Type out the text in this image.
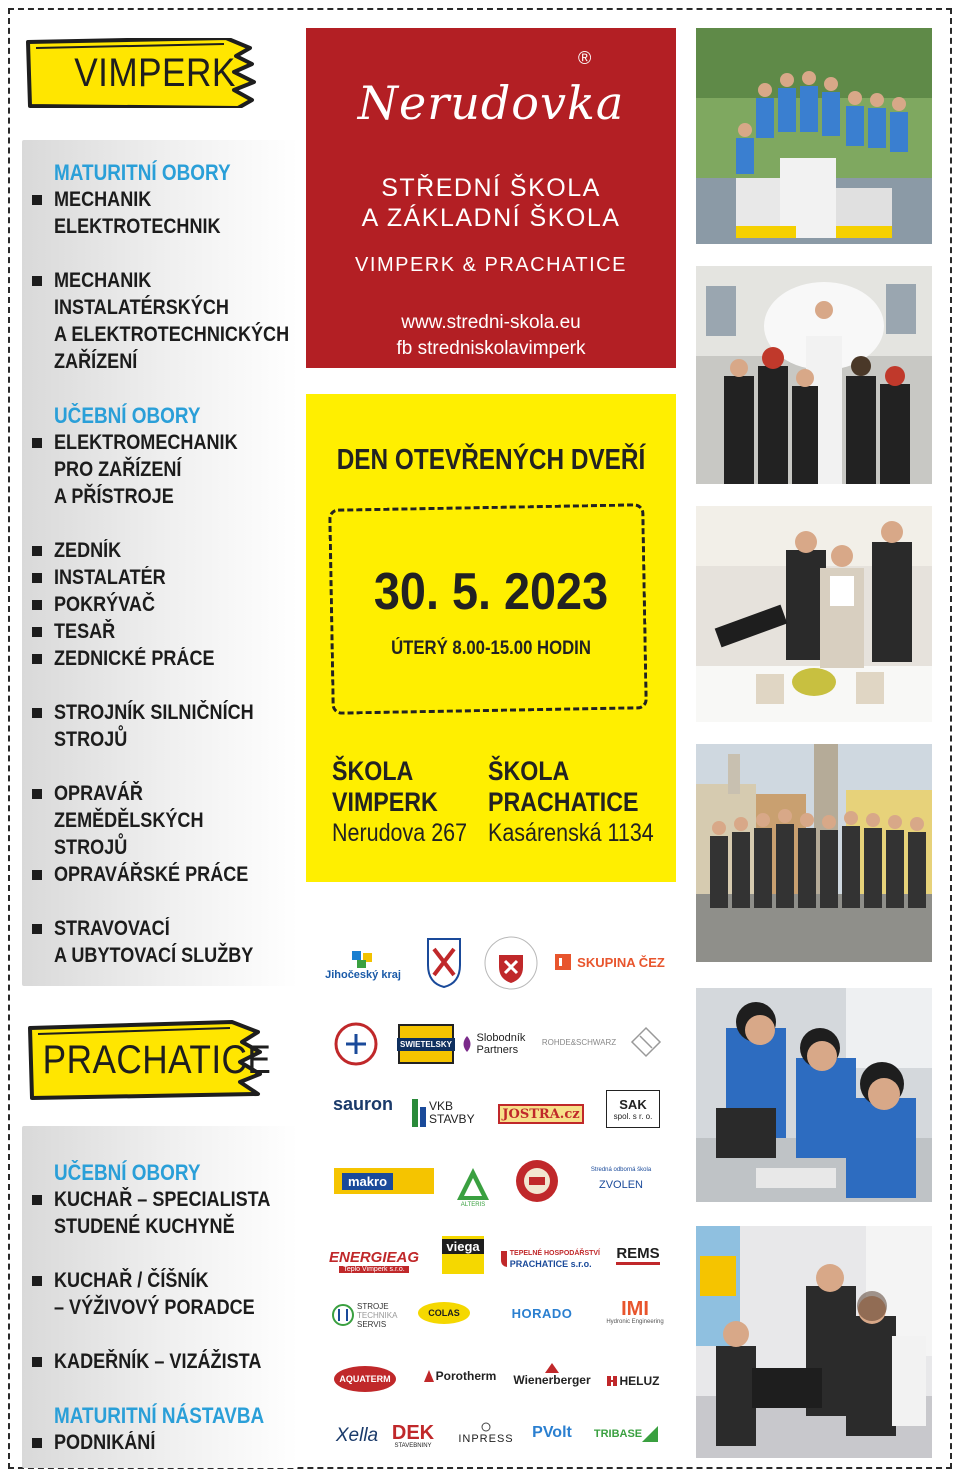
VIMPERK
MATURITNÍ OBORY
MECHANIK
ELEKTROTECHNIK
MECHANIK
INSTALATÉRSKÝCH
A ELEKTROTECHNICKÝCH
ZAŘÍZENÍ
UČEBNÍ OBORY
ELEKTROMECHANIK
PRO ZAŘÍZENÍ
A PŘÍSTROJE
ZEDNÍK
INSTALATÉR
POKRÝVAČ
TESAŘ
ZEDNICKÉ PRÁCE
STROJNÍK SILNIČNÍCH
STROJŮ
OPRAVÁŘ
ZEMĚDĚLSKÝCH
STROJŮ
OPRAVÁŘSKÉ PRÁCE
STRAVOVACÍ
A UBYTOVACÍ SLUŽBY
PRACHATICE
UČEBNÍ OBORY
KUCHAŘ – SPECIALISTA
STUDENÉ KUCHYNĚ
KUCHAŘ / ČÍŠNÍK
– VÝŽIVOVÝ PORADCE
KADEŘNÍK – VIZÁŽISTA
MATURITNÍ NÁSTAVBA
PODNIKÁNÍ
Nerudovka
®
STŘEDNÍ ŠKOLA
A ZÁKLADNÍ ŠKOLA
VIMPERK & PRACHATICE
www.stredni-skola.eu
fb stredniskolavimperk
DEN OTEVŘENÝCH DVEŘÍ
30. 5. 2023
ÚTERÝ 8.00-15.00 HODIN
ŠKOLA
VIMPERK
Nerudova 267
ŠKOLA
PRACHATICE
Kasárenská 1134
Jihočeský kraj
SKUPINA ČEZ
SWIETELSKY Slobodník Partners
ROHDE&SCHWARZ
sauron	VKB
STAVBY JOSTRA.cz
SAK
spol. s r. o.
makro
ALTERIS
Stredná odborná škola
ZVOLEN
ENERGIEAG
Teplo Vimperk s.r.o.
viega	TEPELNÉ HOSPODÁŘSTVÍ
PRACHATICE s.r.o.
REMS
STROJE
TECHNIKA
SERVIS
COLAS	HORADO IMI
Hydronic Engineering
AQUATERM	Porotherm Wienerberger HELUZ
Xella DEK
STAVEBNINY
INPRESS PVolt TRIBASE
